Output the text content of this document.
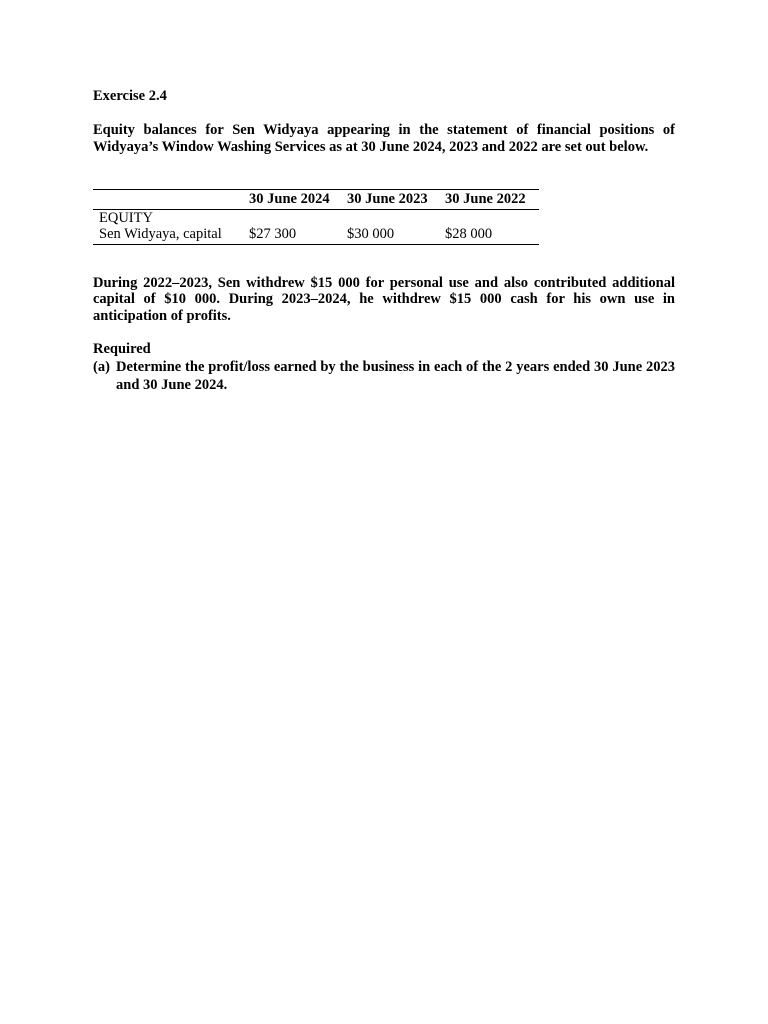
Exercise 2.4

Equity balances for Sen Widyaya appearing in the statement of financial positions of Widyaya’s Window Washing Services as at 30 June 2024, 2023 and 2022 are set out below.

	30 June 2024	30 June 2023	30 June 2022
EQUITY			
Sen Widyaya, capital	$27 300	$30 000	$28 000

During 2022–2023, Sen withdrew $15 000 for personal use and also contributed additional capital of $10 000. During 2023–2024, he withdrew $15 000 cash for his own use in anticipation of profits.

Required

(a) Determine the profit/loss earned by the business in each of the 2 years ended 30 June 2023 and 30 June 2024.
